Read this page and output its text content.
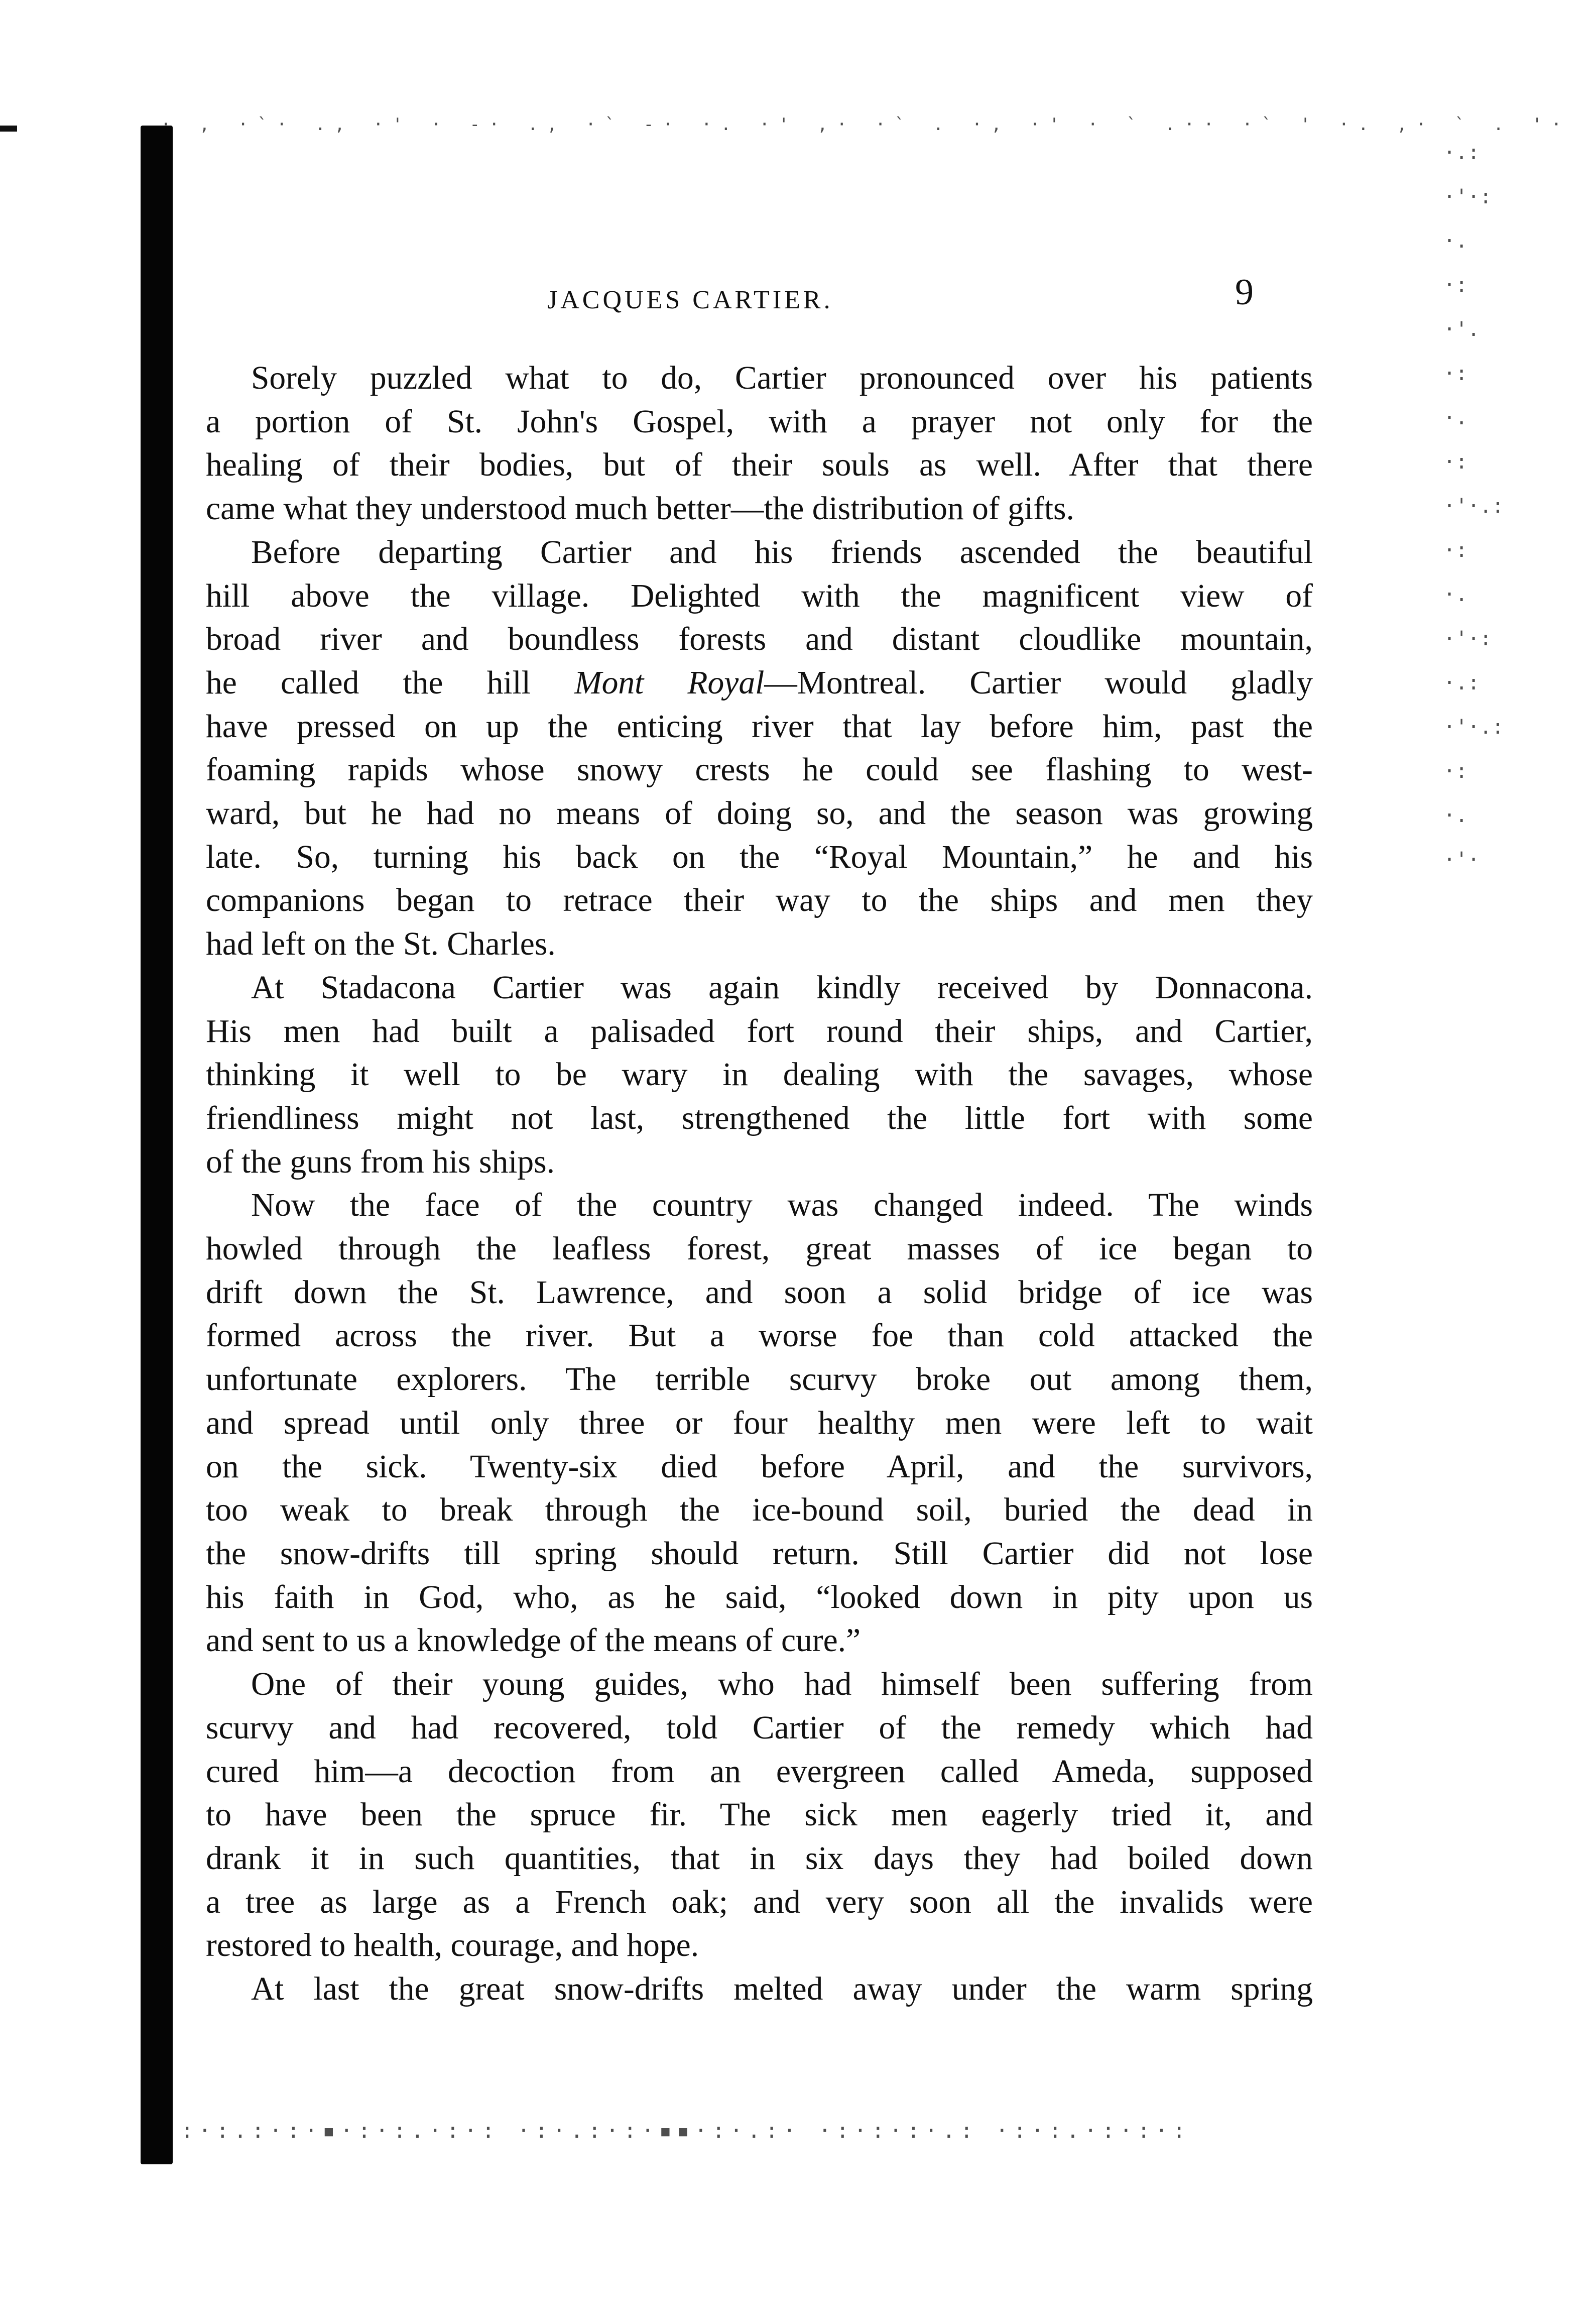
· , ·`· ., ·' · -· ., ·` -· ·. ·' ,· ·` . ·, ·' · ` .·· ·` ' ·. ,· ` . '·
·.:·'·:·.·:·'.·:·.·:·'·.:·:·.·'·:·.:·'·.:·:·.·'·
:·:.:·:·▪·:·:.·:·: ·:·.:·:·▪▪·:·.:· ·:·:·:·.: ·:·:.·:·:·:
JACQUES CARTIER.	9
Sorely puzzled what to do, Cartier pronounced over his patients
a portion of St. John's Gospel, with a prayer not only for the
healing of their bodies, but of their souls as well. After that there
came what they understood much better—the distribution of gifts.
Before departing Cartier and his friends ascended the beautiful
hill above the village. Delighted with the magnificent view of
broad river and boundless forests and distant cloudlike mountain,
he called the hill Mont Royal—Montreal. Cartier would gladly
have pressed on up the enticing river that lay before him, past the
foaming rapids whose snowy crests he could see flashing to west-
ward, but he had no means of doing so, and the season was growing
late. So, turning his back on the “Royal Mountain,” he and his
companions began to retrace their way to the ships and men they
had left on the St. Charles.
At Stadacona Cartier was again kindly received by Donnacona.
His men had built a palisaded fort round their ships, and Cartier,
thinking it well to be wary in dealing with the savages, whose
friendliness might not last, strengthened the little fort with some
of the guns from his ships.
Now the face of the country was changed indeed. The winds
howled through the leafless forest, great masses of ice began to
drift down the St. Lawrence, and soon a solid bridge of ice was
formed across the river. But a worse foe than cold attacked the
unfortunate explorers. The terrible scurvy broke out among them,
and spread until only three or four healthy men were left to wait
on the sick. Twenty-six died before April, and the survivors,
too weak to break through the ice-bound soil, buried the dead in
the snow-drifts till spring should return. Still Cartier did not lose
his faith in God, who, as he said, “looked down in pity upon us
and sent to us a knowledge of the means of cure.”
One of their young guides, who had himself been suffering from
scurvy and had recovered, told Cartier of the remedy which had
cured him—a decoction from an evergreen called Ameda, supposed
to have been the spruce fir. The sick men eagerly tried it, and
drank it in such quantities, that in six days they had boiled down
a tree as large as a French oak; and very soon all the invalids were
restored to health, courage, and hope.
At last the great snow-drifts melted away under the warm spring
